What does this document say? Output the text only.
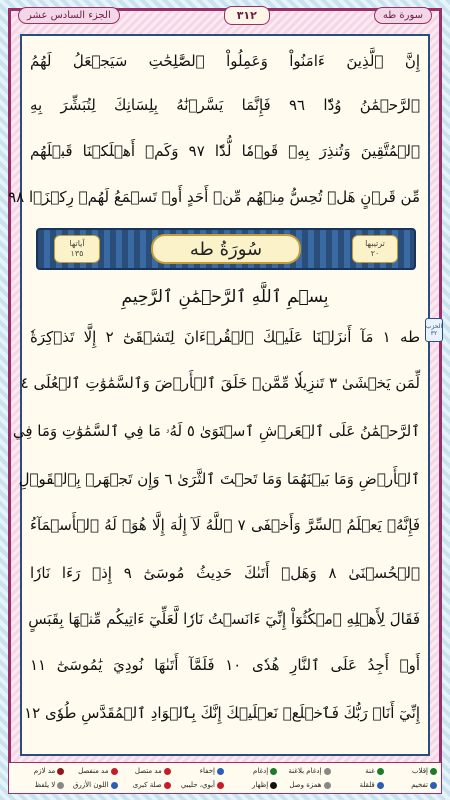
سورة طه
٣١٢
الجزء السادس عشر
إِنَّ ٱلَّذِينَ ءَامَنُواْ وَعَمِلُواْ ٱلصَّٰلِحَٰتِ سَيَجۡعَلُ لَهُمُ
ٱلرَّحۡمَٰنُ وُدّٗا ٩٦ فَإِنَّمَا يَسَّرۡنَٰهُ بِلِسَانِكَ لِتُبَشِّرَ بِهِ
ٱلۡمُتَّقِينَ وَتُنذِرَ بِهِۦ قَوۡمٗا لُّدّٗا ٩٧ وَكَمۡ أَهۡلَكۡنَا قَبۡلَهُم
مِّن قَرۡنٍ هَلۡ تُحِسُّ مِنۡهُم مِّنۡ أَحَدٍ أَوۡ تَسۡمَعُ لَهُمۡ رِكۡزَۢا ٩٨
آياتها
١٣٥	سُورَةُ طه	ترتيبها
٢٠
بِسۡمِ ٱللَّهِ ٱلرَّحۡمَٰنِ ٱلرَّحِيمِ
الحزب
٣٢
طه ١ مَآ أَنزَلۡنَا عَلَيۡكَ ٱلۡقُرۡءَانَ لِتَشۡقَىٰٓ ٢ إِلَّا تَذۡكِرَةٗ
لِّمَن يَخۡشَىٰ ٣ تَنزِيلٗا مِّمَّنۡ خَلَقَ ٱلۡأَرۡضَ وَٱلسَّمَٰوَٰتِ ٱلۡعُلَى ٤
ٱلرَّحۡمَٰنُ عَلَى ٱلۡعَرۡشِ ٱسۡتَوَىٰ ٥ لَهُۥ مَا فِي ٱلسَّمَٰوَٰتِ وَمَا فِي
ٱلۡأَرۡضِ وَمَا بَيۡنَهُمَا وَمَا تَحۡتَ ٱلثَّرَىٰ ٦ وَإِن تَجۡهَرۡ بِٱلۡقَوۡلِ
فَإِنَّهُۥ يَعۡلَمُ ٱلسِّرَّ وَأَخۡفَى ٧ ٱللَّهُ لَآ إِلَٰهَ إِلَّا هُوَۖ لَهُ ٱلۡأَسۡمَآءُ
ٱلۡحُسۡنَىٰ ٨ وَهَلۡ أَتَىٰكَ حَدِيثُ مُوسَىٰٓ ٩ إِذۡ رَءَا نَارٗا
فَقَالَ لِأَهۡلِهِ ٱمۡكُثُوٓاْ إِنِّيٓ ءَانَسۡتُ نَارٗا لَّعَلِّيٓ ءَاتِيكُم مِّنۡهَا بِقَبَسٍ
أَوۡ أَجِدُ عَلَى ٱلنَّارِ هُدٗى ١٠ فَلَمَّآ أَتَىٰهَا نُودِيَ يَٰمُوسَىٰٓ ١١
إِنِّيٓ أَنَا۠ رَبُّكَ فَٱخۡلَعۡ نَعۡلَيۡكَ إِنَّكَ بِٱلۡوَادِ ٱلۡمُقَدَّسِ طُوٗى ١٢
إقلاب
غنة
إدغام بلاغنة
إدغام
إخفاء
مد متصل
مد منفصل
مد لازم
تفخيم
قلقلة
همزة وصل
إظهار
أبوي، حليبي
صلة كبرى
اللون الأزرق
لا يلفظ
